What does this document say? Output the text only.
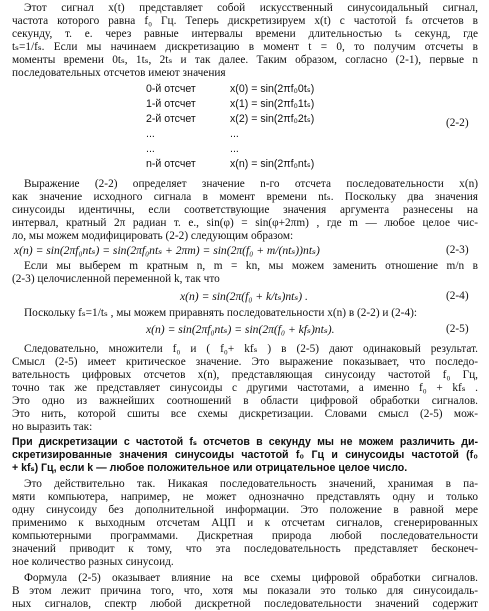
Этот сигнал x(t) представляет собой искусственный синусоидальный сигнал,
частота которого равна f₀ Гц. Теперь дискретизируем x(t) с частотой fₛ отсчетов в
секунду, т. е. через равные интервалы времени длительностью tₛ секунд, где
tₛ=1/fₛ. Если мы начинаем дискретизацию в момент t = 0, то получим отсчеты в
моменты времени 0tₛ, 1tₛ, 2tₛ и так далее. Таким образом, согласно (2-1), первые n
последовательных отсчетов имеют значения
0-й отсчет	x(0) = sin(2πf₀0tₛ)
1-й отсчет	x(1) = sin(2πf₀1tₛ)
2-й отсчет	x(2) = sin(2πf₀2tₛ)
...	...
...	...
n-й отсчет	x(n) = sin(2πf₀ntₛ)
(2-2)
Выражение (2-2) определяет значение n-го отсчета последовательности x(n)
как значение исходного сигнала в момент времени ntₛ. Поскольку два значения
синусоиды идентичны, если соответствующие значения аргумента разнесены на
интервал, кратный 2π радиан т. е., sin(φ) = sin(φ+2πm) , где m — любое целое чис-
ло, мы можем модифицировать (2-2) следующим образом:
x(n) = sin(2πf₀ntₛ) = sin(2πf₀ntₛ + 2πm) = sin(2π(f₀ + m/(ntₛ))ntₛ)	(2-3)
Если мы выберем m кратным n, m = kn, мы можем заменить отношение m/n в
(2-3) целочисленной переменной k, так что
x(n) = sin(2π(f₀ + k/tₛ)ntₛ) .	(2-4)
Поскольку fₛ=1/tₛ , мы можем приравнять последовательности x(n) в (2-2) и (2-4):
x(n) = sin(2πf₀ntₛ) = sin(2π(f₀ + kfₛ)ntₛ).	(2-5)
Следовательно, множители f₀ и ( f₀+ kfₛ ) в (2-5) дают одинаковый результат.
Смысл (2-5) имеет критическое значение. Это выражение показывает, что последо-
вательность цифровых отсчетов x(n), представляющая синусоиду частотой f₀ Гц,
точно так же представляет синусоиды с другими частотами, а именно f₀ + kfₛ .
Это одно из важнейших соотношений в области цифровой обработки сигналов.
Это нить, которой сшиты все схемы дискретизации. Словами смысл (2-5) мож-
но выразить так:
При дискретизации с частотой fₛ отсчетов в секунду мы не можем различить ди-
скретизированные значения синусоиды частотой f₀ Гц и синусоиды частотой (f₀
+ kfₛ) Гц, если k — любое положительное или отрицательное целое число.
Это действительно так. Никакая последовательность значений, хранимая в па-
мяти компьютера, например, не может однозначно представлять одну и только
одну синусоиду без дополнительной информации. Это положение в равной мере
применимо к выходным отсчетам АЦП и к отсчетам сигналов, сгенерированных
компьютерными программами. Дискретная природа любой последовательности
значений приводит к тому, что эта последовательность представляет бесконеч-
ное количество разных синусоид.
Формула (2-5) оказывает влияние на все схемы цифровой обработки сигналов.
В этом лежит причина того, что, хотя мы показали это только для синусоидаль-
ных сигналов, спектр любой дискретной последовательности значений содержит
